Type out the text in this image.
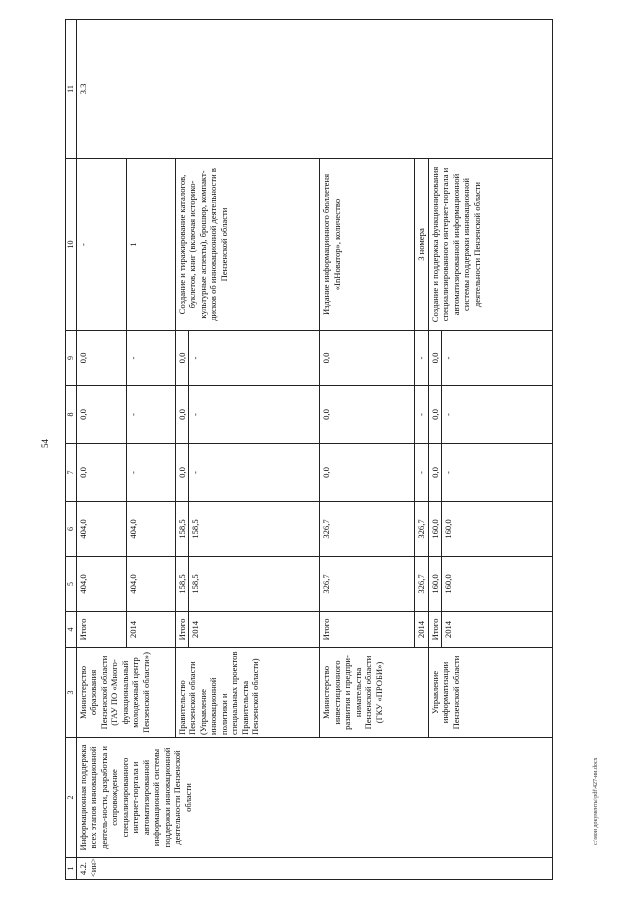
54
c:\мои документы\pdf\427-ии.docx
1	2	3	4	5	6	7	8	9	10	11

4.2. <ин>	Информационная поддержка всех этапов инновационной деятель-ности, разработка и сопровождение специализированного интернет-портала и автоматизированной информационной системы поддержки инновационной деятельности Пензенской области	Министерство образования Пензенской области (ГАУ ПО «Много-функциональный молодежный центр Пензенской области»)	Итого	404,0	404,0	0,0	0,0	0,0	-	3.3
			2014	404,0	404,0	-	-	-	1	
		Правительство Пензенской области (Управление инновационной политики и специальных проектов Правительства Пензенской области)	Итого	158,5	158,5	0,0	0,0	0,0	Создание и тиражирование каталогов, буклетов, книг (включая историко-культурные аспекты), брошюр, компакт-дисков об инновационной деятельности в Пензенской области	
			2014	158,5	158,5	-	-	-		
		Министерство инвестиционного развития и предпри-нимательства Пензенской области (ГКУ «ПРОБИ»)	Итого	326,7	326,7	0,0	0,0	0,0	Издание информационного бюллетеня «InНоватор», количество	
			2014	326,7	326,7	-	-	-	3 номера	
		Управление информатизации Пензенской области	Итого	160,0	160,0	0,0	0,0	0,0	Создание и поддержка функционирования специализированного интернет-портала и автоматизированной информационной системы поддержки инновационной деятельности Пензенской области	
			2014	160,0	160,0	-	-	-		
